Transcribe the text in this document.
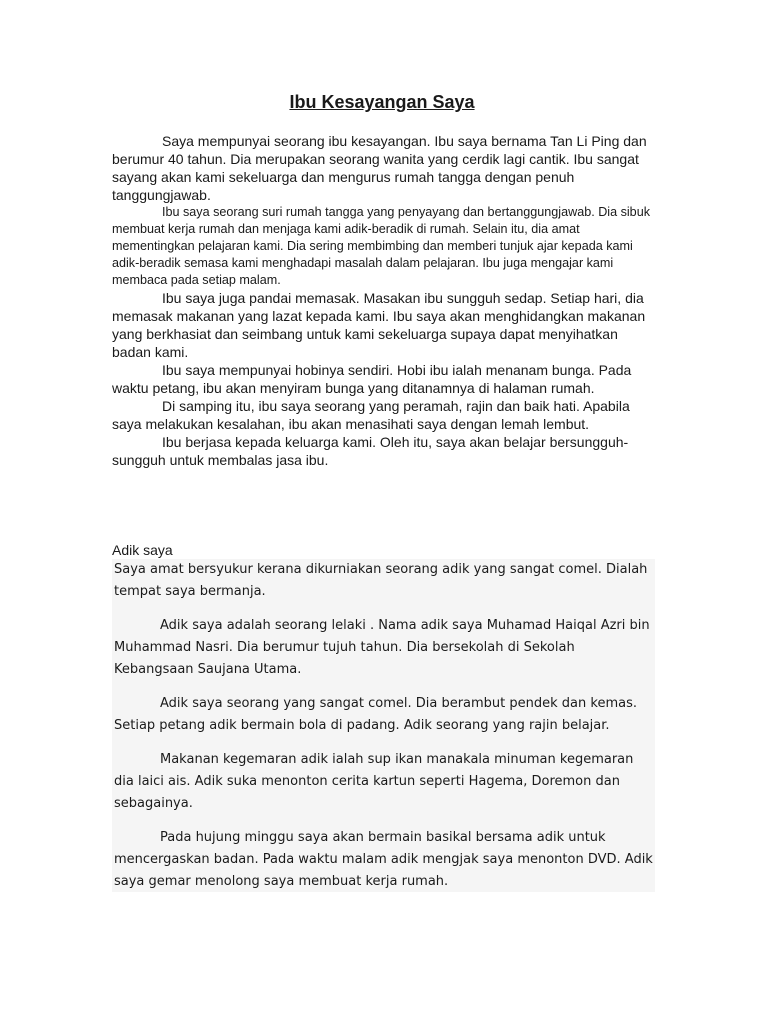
Ibu Kesayangan Saya

Saya mempunyai seorang ibu kesayangan. Ibu saya bernama Tan Li Ping dan berumur 40 tahun. Dia merupakan seorang wanita yang cerdik lagi cantik. Ibu sangat sayang akan kami sekeluarga dan mengurus rumah tangga dengan penuh tanggungjawab.

Ibu saya seorang suri rumah tangga yang penyayang dan bertanggungjawab. Dia sibuk membuat kerja rumah dan menjaga kami adik-beradik di rumah. Selain itu, dia amat mementingkan pelajaran kami. Dia sering membimbing dan memberi tunjuk ajar kepada kami adik-beradik semasa kami menghadapi masalah dalam pelajaran. Ibu juga mengajar kami membaca pada setiap malam.

Ibu saya juga pandai memasak. Masakan ibu sungguh sedap. Setiap hari, dia memasak makanan yang lazat kepada kami. Ibu saya akan menghidangkan makanan yang berkhasiat dan seimbang untuk kami sekeluarga supaya dapat menyihatkan badan kami.

Ibu saya mempunyai hobinya sendiri. Hobi ibu ialah menanam bunga. Pada waktu petang, ibu akan menyiram bunga yang ditanamnya di halaman rumah.

Di samping itu, ibu saya seorang yang peramah, rajin dan baik hati. Apabila saya melakukan kesalahan, ibu akan menasihati saya dengan lemah lembut.

Ibu berjasa kepada keluarga kami. Oleh itu, saya akan belajar bersungguh-sungguh untuk membalas jasa ibu.

Adik saya

Saya amat bersyukur kerana dikurniakan seorang adik yang sangat comel. Dialah tempat saya bermanja.

Adik saya adalah seorang lelaki . Nama adik saya Muhamad Haiqal Azri bin Muhammad Nasri. Dia berumur tujuh tahun. Dia bersekolah di Sekolah Kebangsaan Saujana Utama.

Adik saya seorang yang sangat comel. Dia berambut pendek dan kemas. Setiap petang adik bermain bola di padang. Adik seorang yang rajin belajar.

Makanan kegemaran adik ialah sup ikan manakala minuman kegemaran dia laici ais. Adik suka menonton cerita kartun seperti Hagema, Doremon dan sebagainya.

Pada hujung minggu saya akan bermain basikal bersama adik untuk mencergaskan badan. Pada waktu malam adik mengjak saya menonton DVD. Adik saya gemar menolong saya membuat kerja rumah.
